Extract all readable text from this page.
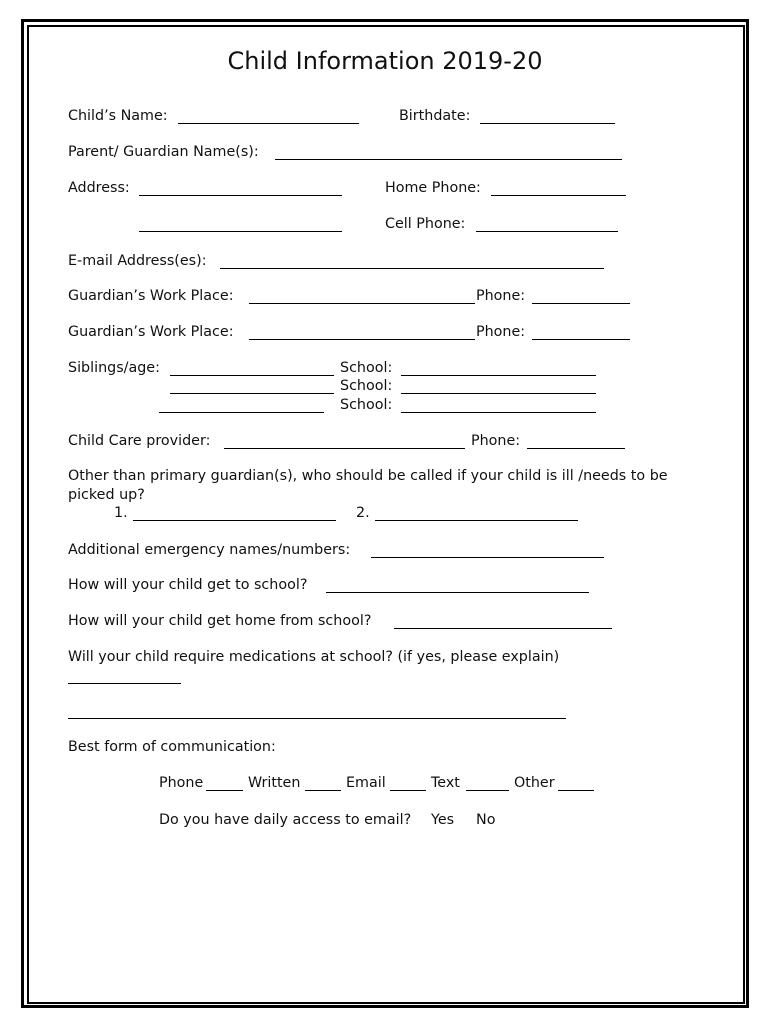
Child Information 2019-20
Child’s Name:	Birthdate:
Parent/ Guardian Name(s):
Address:	Home Phone:
Cell Phone:
E-mail Address(es):
Guardian’s Work Place:	Phone:
Guardian’s Work Place:	Phone:
Siblings/age:	School:
School:
School:
Child Care provider:	Phone:
Other than primary guardian(s), who should be called if your child is ill /needs to be
picked up?
1.	2.
Additional emergency names/numbers:
How will your child get to school?
How will your child get home from school?
Will your child require medications at school? (if yes, please explain)
Best form of communication:
Phone	Written	Email	Text	Other
Do you have daily access to email? Yes No
